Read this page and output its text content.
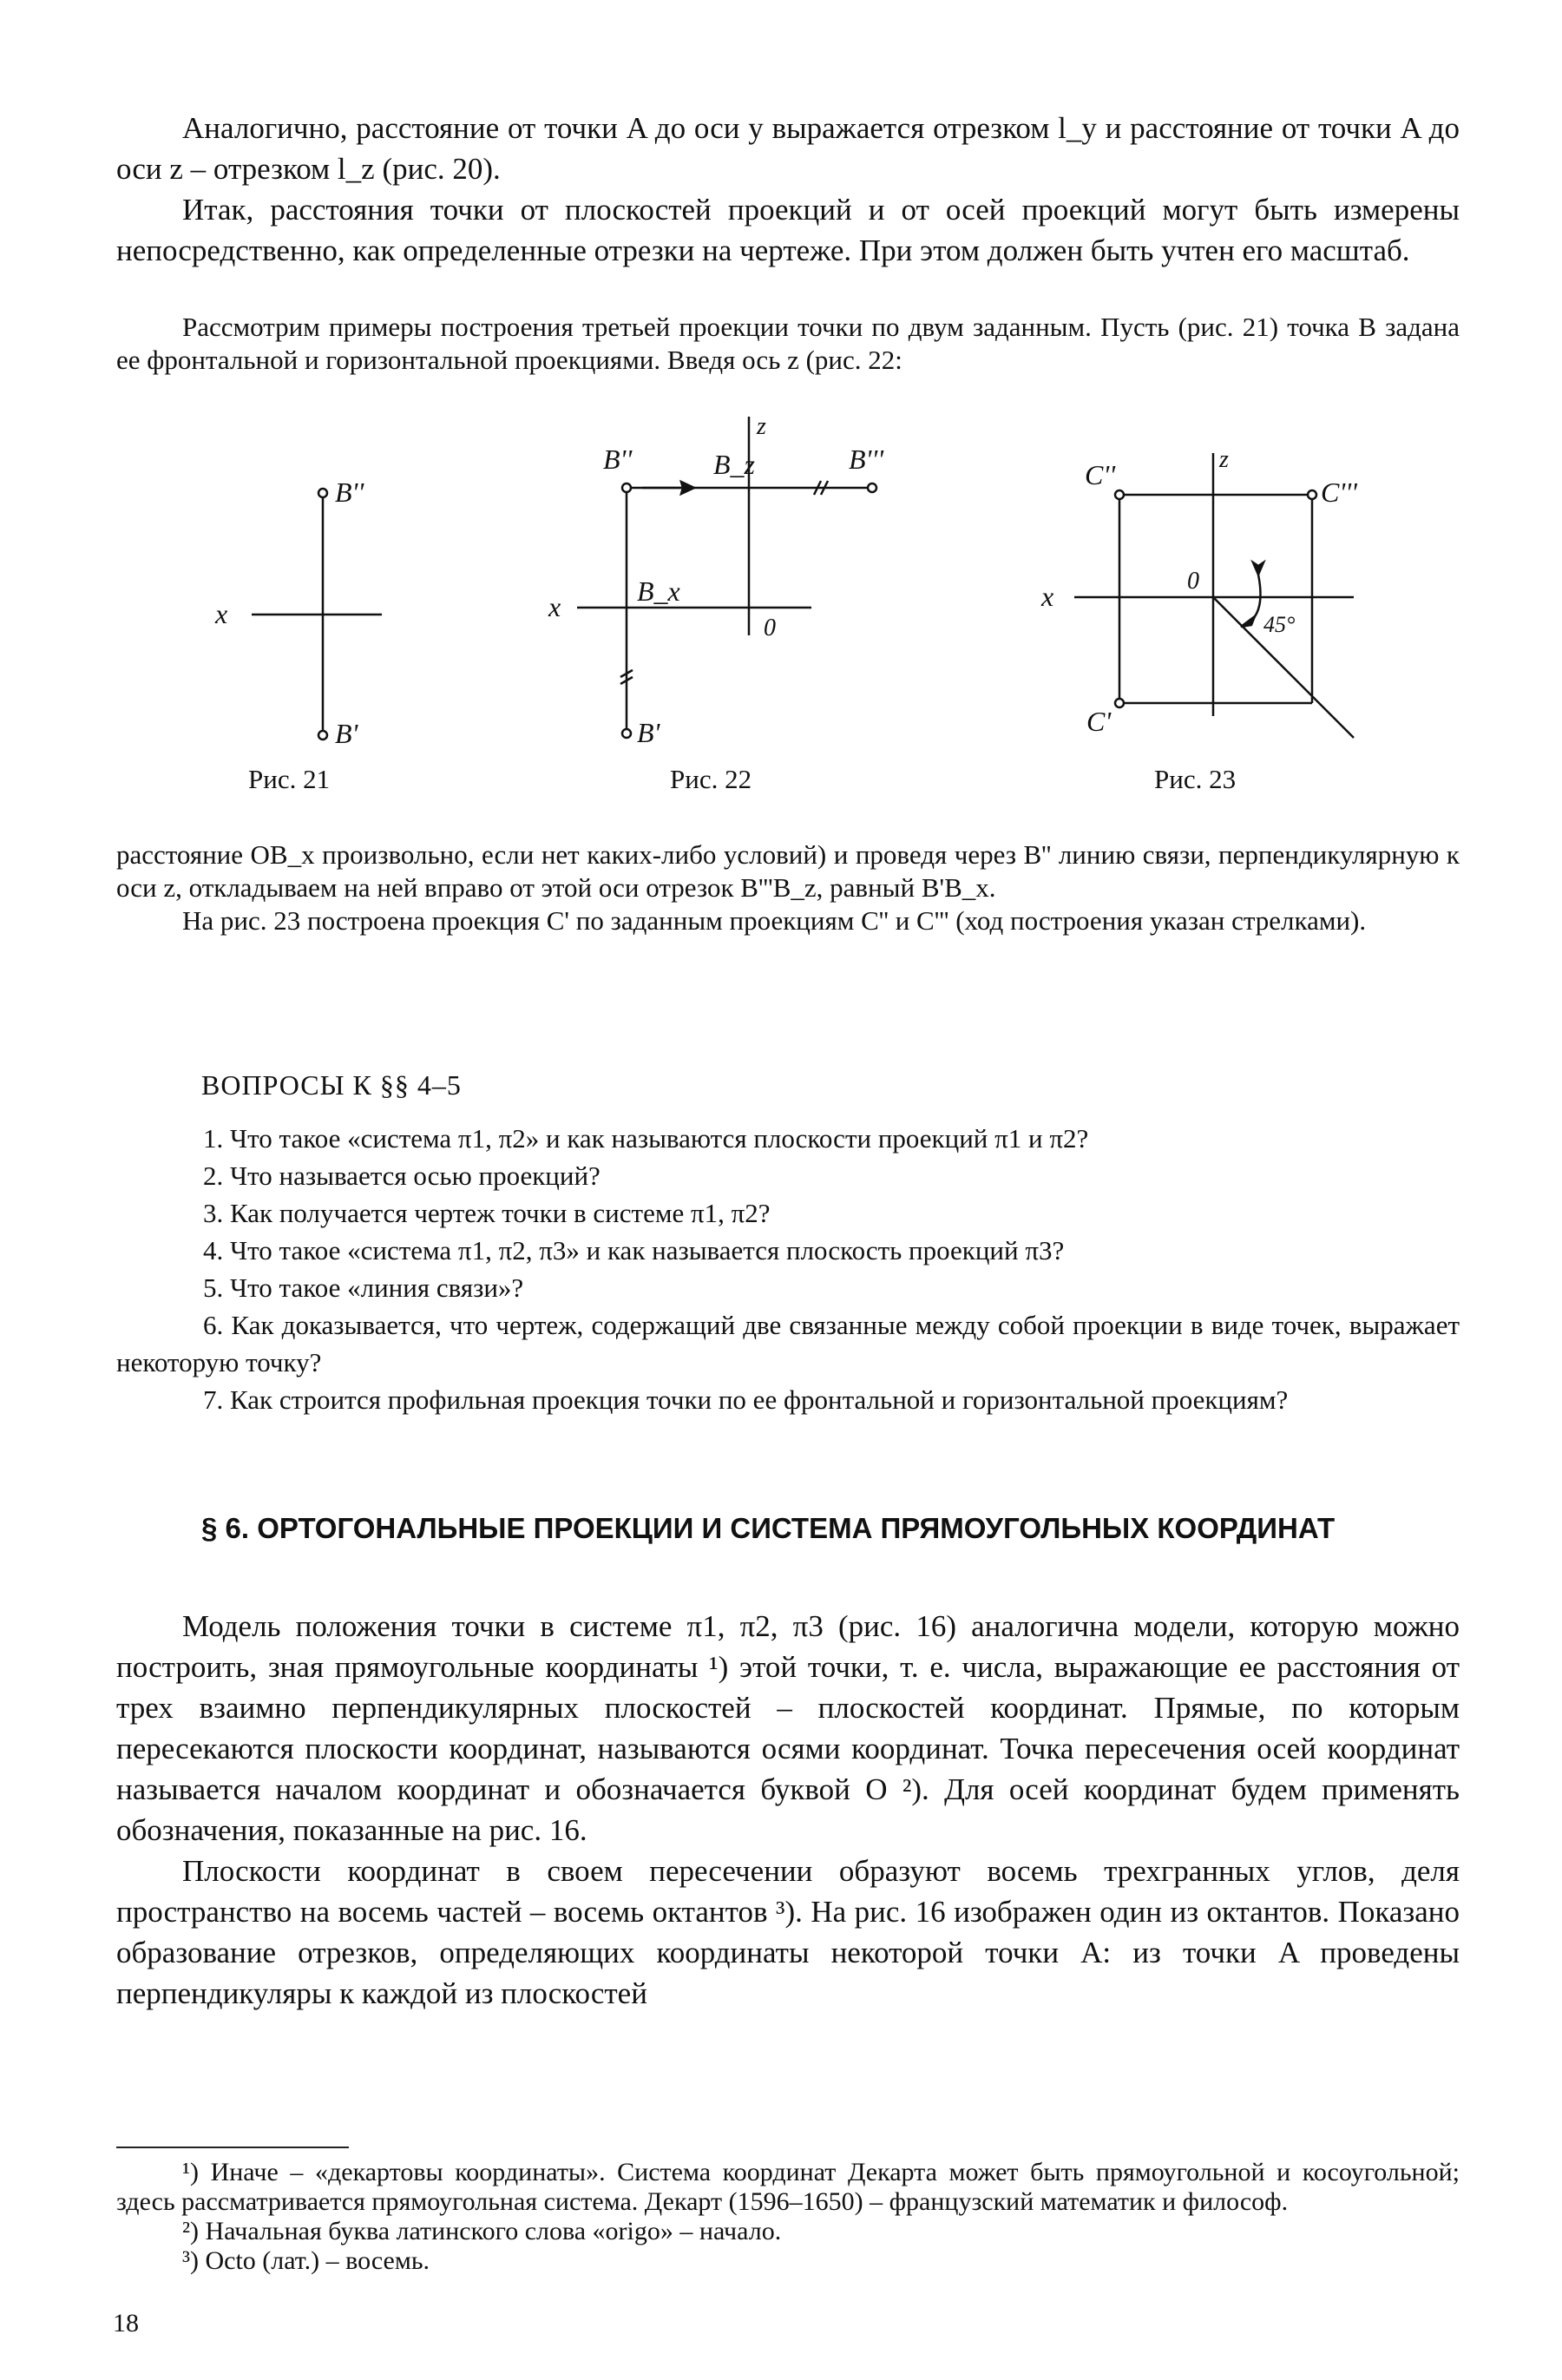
Аналогично, расстояние от точки A до оси y выражается отрезком l_y и расстояние от точки A до оси z – отрезком l_z (рис. 20).

Итак, расстояния точки от плоскостей проекций и от осей проекций могут быть измерены непосредственно, как определенные отрезки на чертеже. При этом должен быть учтен его масштаб.

Рассмотрим примеры построения третьей проекции точки по двум заданным. Пусть (рис. 21) точка B задана ее фронтальной и горизонтальной проекциями. Введя ось z (рис. 22:

B''
x
B'
z
B''	B_z	B'''
x	B_x
0
B'
C''	z
C'''
x	0
45°
C'
Рис. 21	Рис. 22	Рис. 23

расстояние OB_x произвольно, если нет каких-либо условий) и проведя через B'' линию связи, перпендикулярную к оси z, откладываем на ней вправо от этой оси отрезок B'''B_z, равный B'B_x.

На рис. 23 построена проекция C' по заданным проекциям C'' и C''' (ход построения указан стрелками).

ВОПРОСЫ К §§ 4–5

1. Что такое «система π1, π2» и как называются плоскости проекций π1 и π2?

2. Что называется осью проекций?

3. Как получается чертеж точки в системе π1, π2?

4. Что такое «система π1, π2, π3» и как называется плоскость проекций π3?

5. Что такое «линия связи»?

6. Как доказывается, что чертеж, содержащий две связанные между собой проекции в виде точек, выражает некоторую точку?

7. Как строится профильная проекция точки по ее фронтальной и горизонтальной проекциям?

§ 6. ОРТОГОНАЛЬНЫЕ ПРОЕКЦИИ И СИСТЕМА ПРЯМОУГОЛЬНЫХ КООРДИНАТ

Модель положения точки в системе π1, π2, π3 (рис. 16) аналогична модели, которую можно построить, зная прямоугольные координаты ¹) этой точки, т. е. числа, выражающие ее расстояния от трех взаимно перпендикулярных плоскостей – плоскостей координат. Прямые, по которым пересекаются плоскости координат, называются осями координат. Точка пересечения осей координат называется началом координат и обозначается буквой O ²). Для осей координат будем применять обозначения, показанные на рис. 16.

Плоскости координат в своем пересечении образуют восемь трехгранных углов, деля пространство на восемь частей – восемь октантов ³). На рис. 16 изображен один из октантов. Показано образование отрезков, определяющих координаты некоторой точки A: из точки A проведены перпендикуляры к каждой из плоскостей

¹) Иначе – «декартовы координаты». Система координат Декарта может быть прямоугольной и косоугольной; здесь рассматривается прямоугольная система. Декарт (1596–1650) – французский математик и философ.

²) Начальная буква латинского слова «origo» – начало.

³) Octo (лат.) – восемь.

18
